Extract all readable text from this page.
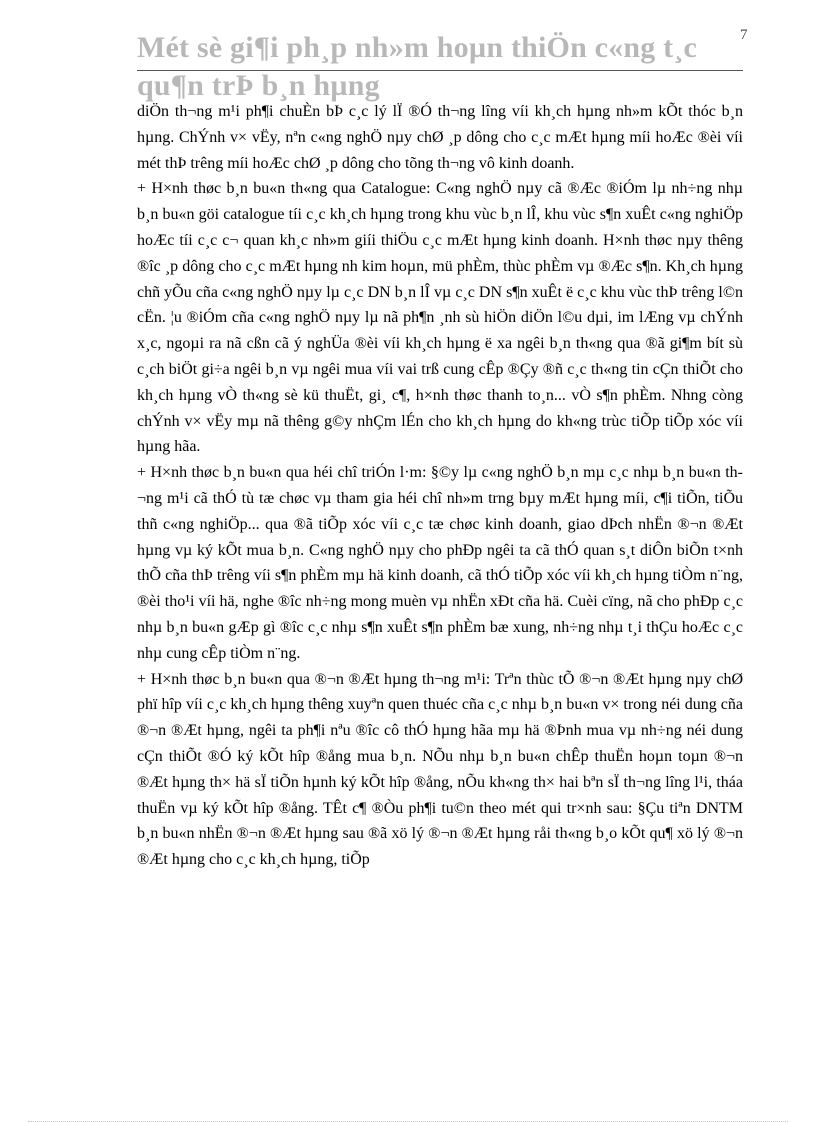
7
Mét sè gi¶i ph¸p nh»m hoµn thiÖn c«ng t¸c qu¶n trÞ b¸n hµng

diÖn th¬ng m¹i ph¶i chuÈn bÞ c¸c lý lÏ ®Ó th¬ng lîng víi kh¸ch hµng nh»m kÕt thóc b¸n hµng. ChÝnh v× vËy, nªn c«ng nghÖ nµy chØ ¸p dông cho c¸c mÆt hµng míi hoÆc ®èi víi mét thÞ trêng míi hoÆc chØ ¸p dông cho tõng th¬ng vô kinh doanh.

+ H×nh thøc b¸n bu«n th«ng qua Catalogue: C«ng nghÖ nµy cã ®Æc ®iÓm lµ nh÷ng nhµ b¸n bu«n göi catalogue tíi c¸c kh¸ch hµng trong khu vùc b¸n lÎ, khu vùc s¶n xuÊt c«ng nghiÖp hoÆc tíi c¸c c¬ quan kh¸c nh»m giíi thiÖu c¸c mÆt hµng kinh doanh. H×nh thøc nµy thêng ®îc ¸p dông cho c¸c mÆt hµng nh kim hoµn, mü phÈm, thùc phÈm vµ ®Æc s¶n. Kh¸ch hµng chñ yÕu cña c«ng nghÖ nµy lµ c¸c DN b¸n lÎ vµ c¸c DN s¶n xuÊt ë c¸c khu vùc thÞ trêng l©n cËn. ¦u ®iÓm cña c«ng nghÖ nµy lµ nã ph¶n ¸nh sù hiÖn diÖn l©u dµi, im lÆng vµ chÝnh x¸c, ngoµi ra nã cßn cã ý nghÜa ®èi víi kh¸ch hµng ë xa ngêi b¸n th«ng qua ®ã gi¶m bít sù c¸ch biÖt gi÷a ngêi b¸n vµ ngêi mua víi vai trß cung cÊp ®Çy ®ñ c¸c th«ng tin cÇn thiÕt cho kh¸ch hµng vÒ th«ng sè kü thuËt, gi¸ c¶, h×nh thøc thanh to¸n... vÒ s¶n phÈm. Nhng còng chÝnh v× vËy mµ nã thêng g©y nhÇm lÉn cho kh¸ch hµng do kh«ng trùc tiÕp tiÕp xóc víi hµng hãa.

+ H×nh thøc b¸n bu«n qua héi chî triÓn l·m: §©y lµ c«ng nghÖ b¸n mµ c¸c nhµ b¸n bu«n th¬ng m¹i cã thÓ tù tæ chøc vµ tham gia héi chî nh»m trng bµy mÆt hµng míi, c¶i tiÕn, tiÕu thñ c«ng nghiÖp... qua ®ã tiÕp xóc víi c¸c tæ chøc kinh doanh, giao dÞch nhËn ®¬n ®Æt hµng vµ ký kÕt mua b¸n. C«ng nghÖ nµy cho phÐp ngêi ta cã thÓ quan s¸t diÔn biÕn t×nh thÕ cña thÞ trêng víi s¶n phÈm mµ hä kinh doanh, cã thÓ tiÕp xóc víi kh¸ch hµng tiÒm n¨ng, ®èi tho¹i víi hä, nghe ®îc nh÷ng mong muèn vµ nhËn xÐt cña hä. Cuèi cïng, nã cho phÐp c¸c nhµ b¸n bu«n gÆp gì ®îc c¸c nhµ s¶n xuÊt s¶n phÈm bæ xung, nh÷ng nhµ t¸i thÇu hoÆc c¸c nhµ cung cÊp tiÒm n¨ng.

+ H×nh thøc b¸n bu«n qua ®¬n ®Æt hµng th¬ng m¹i: Trªn thùc tÕ ®¬n ®Æt hµng nµy chØ phï hîp víi c¸c kh¸ch hµng thêng xuyªn quen thuéc cña c¸c nhµ b¸n bu«n v× trong néi dung cña ®¬n ®Æt hµng, ngêi ta ph¶i nªu ®îc cô thÓ hµng hãa mµ hä ®Þnh mua vµ nh÷ng néi dung cÇn thiÕt ®Ó ký kÕt hîp ®ång mua b¸n. NÕu nhµ b¸n bu«n chÊp thuËn hoµn toµn ®¬n ®Æt hµng th× hä sÏ tiÕn hµnh ký kÕt hîp ®ång, nÕu kh«ng th× hai bªn sÏ th¬ng lîng l¹i, tháa thuËn vµ ký kÕt hîp ®ång. TÊt c¶ ®Òu ph¶i tu©n theo mét qui tr×nh sau: §Çu tiªn DNTM b¸n bu«n nhËn ®¬n ®Æt hµng sau ®ã xö lý ®¬n ®Æt hµng råi th«ng b¸o kÕt qu¶ xö lý ®¬n ®Æt hµng cho c¸c kh¸ch hµng, tiÕp
